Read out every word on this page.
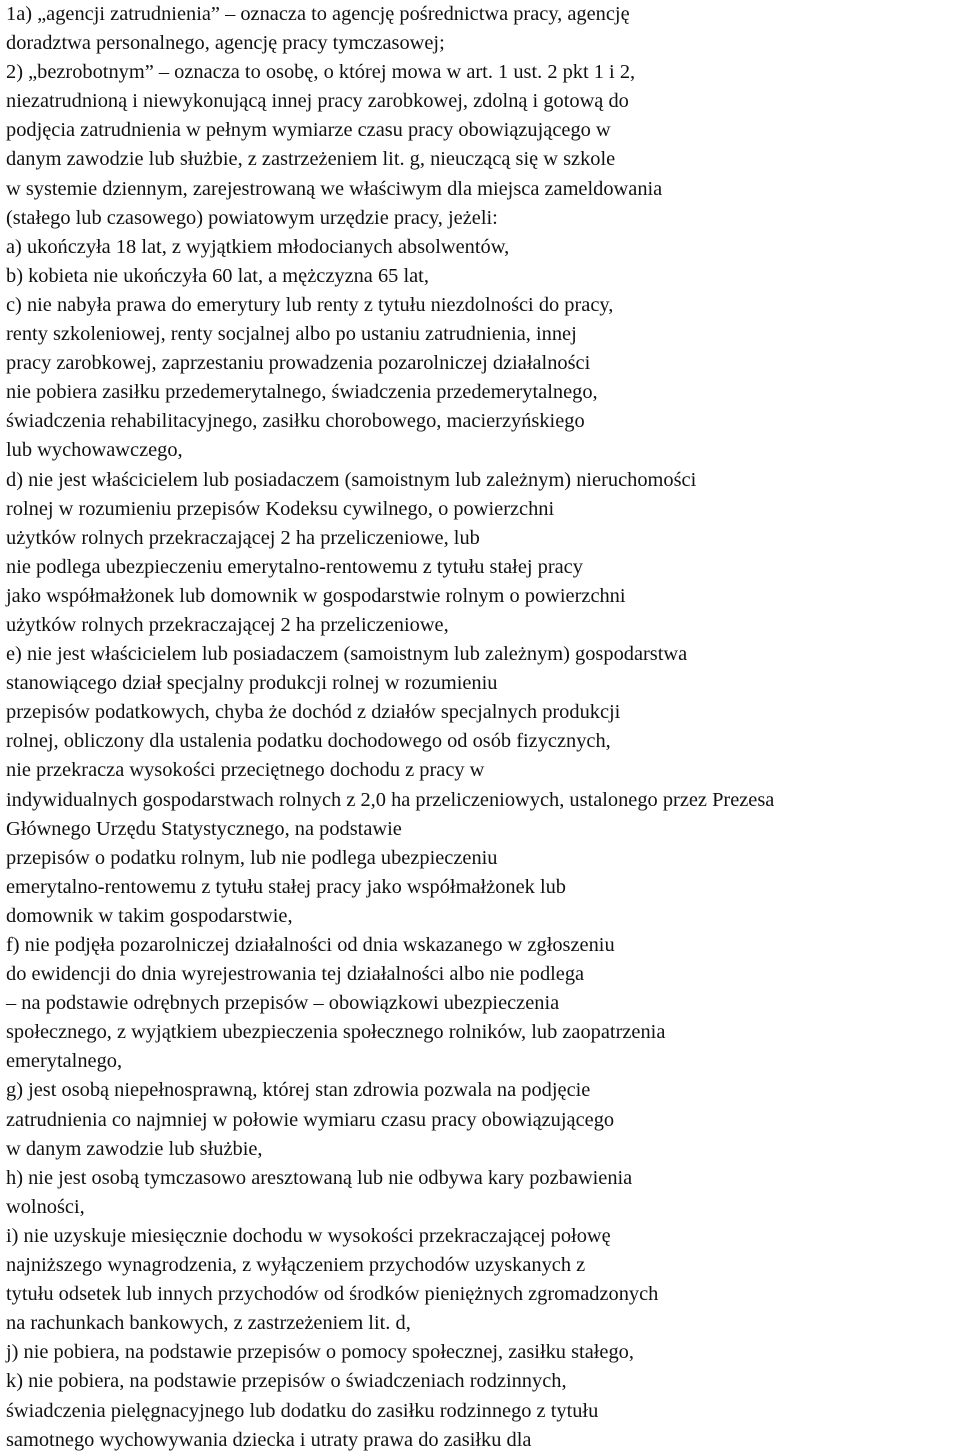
1a) „agencji zatrudnienia” – oznacza to agencję pośrednictwa pracy, agencję
doradztwa personalnego, agencję pracy tymczasowej;
2) „bezrobotnym” – oznacza to osobę, o której mowa w art. 1 ust. 2 pkt 1 i 2,
niezatrudnioną i niewykonującą innej pracy zarobkowej, zdolną i gotową do
podjęcia zatrudnienia w pełnym wymiarze czasu pracy obowiązującego w
danym zawodzie lub służbie, z zastrzeżeniem lit. g, nieuczącą się w szkole
w systemie dziennym, zarejestrowaną we właściwym dla miejsca zameldowania
(stałego lub czasowego) powiatowym urzędzie pracy, jeżeli:
a) ukończyła 18 lat, z wyjątkiem młodocianych absolwentów,
b) kobieta nie ukończyła 60 lat, a mężczyzna 65 lat,
c) nie nabyła prawa do emerytury lub renty z tytułu niezdolności do pracy,
renty szkoleniowej, renty socjalnej albo po ustaniu zatrudnienia, innej
pracy zarobkowej, zaprzestaniu prowadzenia pozarolniczej działalności
nie pobiera zasiłku przedemerytalnego, świadczenia przedemerytalnego,
świadczenia rehabilitacyjnego, zasiłku chorobowego, macierzyńskiego
lub wychowawczego,
d) nie jest właścicielem lub posiadaczem (samoistnym lub zależnym) nieruchomości
rolnej w rozumieniu przepisów Kodeksu cywilnego, o powierzchni
użytków rolnych przekraczającej 2 ha przeliczeniowe, lub
nie podlega ubezpieczeniu emerytalno-rentowemu z tytułu stałej pracy
jako współmałżonek lub domownik w gospodarstwie rolnym o powierzchni
użytków rolnych przekraczającej 2 ha przeliczeniowe,
e) nie jest właścicielem lub posiadaczem (samoistnym lub zależnym) gospodarstwa
stanowiącego dział specjalny produkcji rolnej w rozumieniu
przepisów podatkowych, chyba że dochód z działów specjalnych produkcji
rolnej, obliczony dla ustalenia podatku dochodowego od osób fizycznych,
nie przekracza wysokości przeciętnego dochodu z pracy w
indywidualnych gospodarstwach rolnych z 2,0 ha przeliczeniowych, ustalonego przez Prezesa
Głównego Urzędu Statystycznego, na podstawie
przepisów o podatku rolnym, lub nie podlega ubezpieczeniu
emerytalno-rentowemu z tytułu stałej pracy jako współmałżonek lub
domownik w takim gospodarstwie,
f) nie podjęła pozarolniczej działalności od dnia wskazanego w zgłoszeniu
do ewidencji do dnia wyrejestrowania tej działalności albo nie podlega
– na podstawie odrębnych przepisów – obowiązkowi ubezpieczenia
społecznego, z wyjątkiem ubezpieczenia społecznego rolników, lub zaopatrzenia
emerytalnego,
g) jest osobą niepełnosprawną, której stan zdrowia pozwala na podjęcie
zatrudnienia co najmniej w połowie wymiaru czasu pracy obowiązującego
w danym zawodzie lub służbie,
h) nie jest osobą tymczasowo aresztowaną lub nie odbywa kary pozbawienia
wolności,
i) nie uzyskuje miesięcznie dochodu w wysokości przekraczającej połowę
najniższego wynagrodzenia, z wyłączeniem przychodów uzyskanych z
tytułu odsetek lub innych przychodów od środków pieniężnych zgromadzonych
na rachunkach bankowych, z zastrzeżeniem lit. d,
j) nie pobiera, na podstawie przepisów o pomocy społecznej, zasiłku stałego,
k) nie pobiera, na podstawie przepisów o świadczeniach rodzinnych,
świadczenia pielęgnacyjnego lub dodatku do zasiłku rodzinnego z tytułu
samotnego wychowywania dziecka i utraty prawa do zasiłku dla
